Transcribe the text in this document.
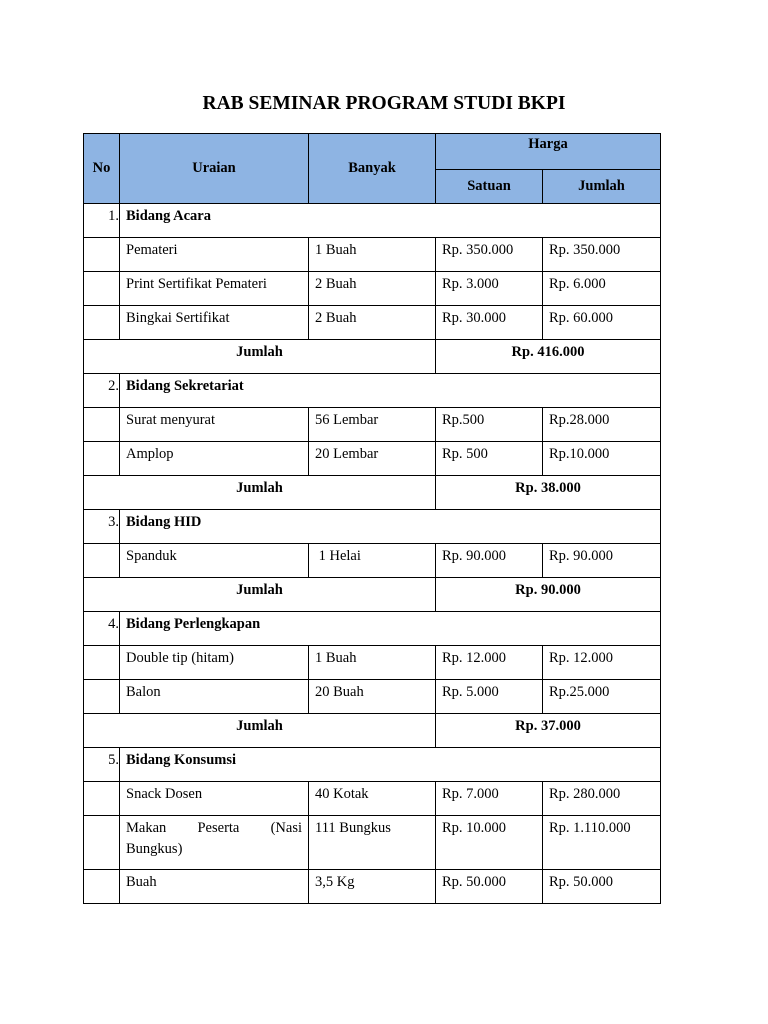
RAB SEMINAR PROGRAM STUDI BKPI
No	Uraian	Banyak	Harga	
			Satuan	Jumlah
1.	Bidang Acara			
	Pemateri	1 Buah	Rp. 350.000	Rp. 350.000
	Print Sertifikat Pemateri	2 Buah	Rp. 3.000	Rp. 6.000
	Bingkai Sertifikat	2 Buah	Rp. 30.000	Rp. 60.000
Jumlah			Rp. 416.000	
2.	Bidang Sekretariat			
	Surat menyurat	56 Lembar	Rp.500	Rp.28.000
	Amplop	20 Lembar	Rp. 500	Rp.10.000
Jumlah			Rp. 38.000	
3.	Bidang HID			
	Spanduk	1 Helai	Rp. 90.000	Rp. 90.000
Jumlah			Rp. 90.000	
4.	Bidang Perlengkapan			
	Double tip (hitam)	1 Buah	Rp. 12.000	Rp. 12.000
	Balon	20 Buah	Rp. 5.000	Rp.25.000
Jumlah			Rp. 37.000	
5.	Bidang Konsumsi			
	Snack Dosen	40 Kotak	Rp. 7.000	Rp. 280.000
	Makan Peserta (Nasi Bungkus)	111 Bungkus	Rp. 10.000	Rp. 1.110.000
	Buah	3,5 Kg	Rp. 50.000	Rp. 50.000
